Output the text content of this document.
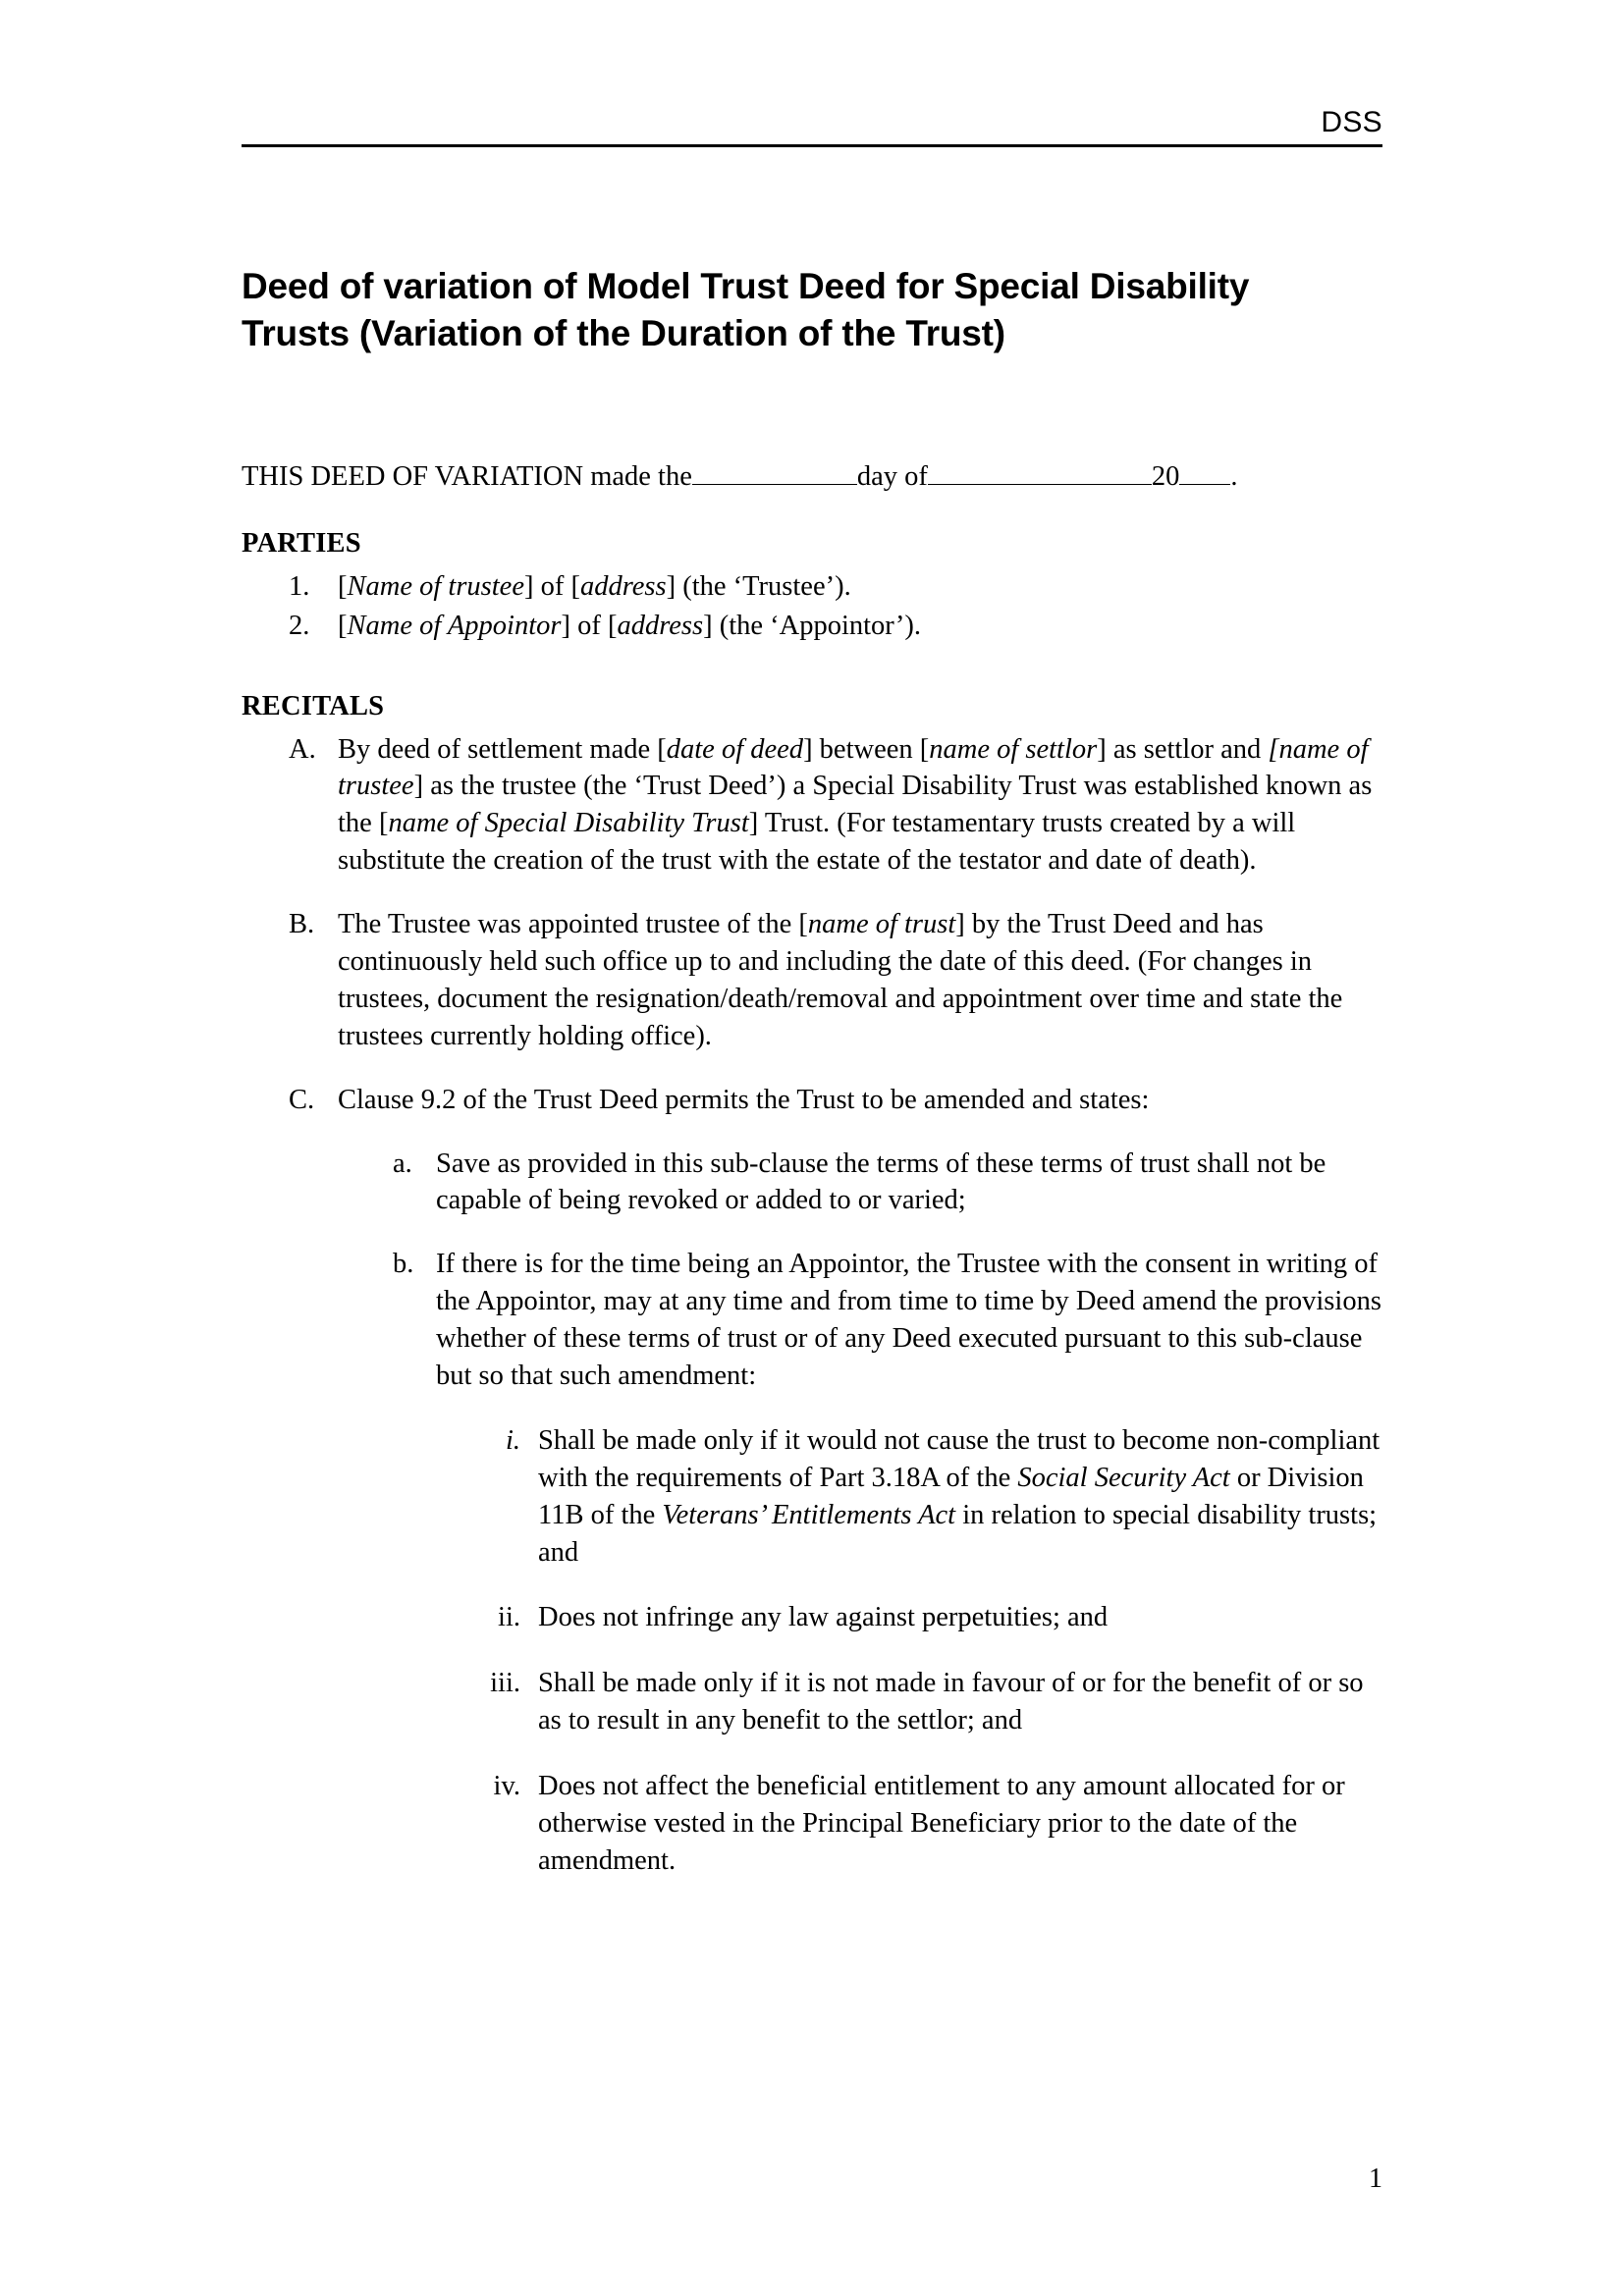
DSS
Deed of variation of Model Trust Deed for Special Disability Trusts (Variation of the Duration of the Trust)

THIS DEED OF VARIATION made the	day of	20 .

PARTIES
1.	[Name of trustee] of [address] (the ‘Trustee’).
2.	[Name of Appointor] of [address] (the ‘Appointor’).
RECITALS
A. By deed of settlement made [date of deed] between [name of settlor] as settlor and [name of trustee] as the trustee (the ‘Trust Deed’) a Special Disability Trust was established known as the [name of Special Disability Trust] Trust. (For testamentary trusts created by a will substitute the creation of the trust with the estate of the testator and date of death).
B. The Trustee was appointed trustee of the [name of trust] by the Trust Deed and has continuously held such office up to and including the date of this deed. (For changes in trustees, document the resignation/death/removal and appointment over time and state the trustees currently holding office).
C. Clause 9.2 of the Trust Deed permits the Trust to be amended and states:
a. Save as provided in this sub-clause the terms of these terms of trust shall not be capable of being revoked or added to or varied;
b. If there is for the time being an Appointor, the Trustee with the consent in writing of the Appointor, may at any time and from time to time by Deed amend the provisions whether of these terms of trust or of any Deed executed pursuant to this sub-clause but so that such amendment:
i. Shall be made only if it would not cause the trust to become non-compliant with the requirements of Part 3.18A of the Social Security Act or Division 11B of the Veterans’ Entitlements Act in relation to special disability trusts; and
ii. Does not infringe any law against perpetuities; and
iii. Shall be made only if it is not made in favour of or for the benefit of or so as to result in any benefit to the settlor; and
iv. Does not affect the beneficial entitlement to any amount allocated for or otherwise vested in the Principal Beneficiary prior to the date of the amendment.
1
